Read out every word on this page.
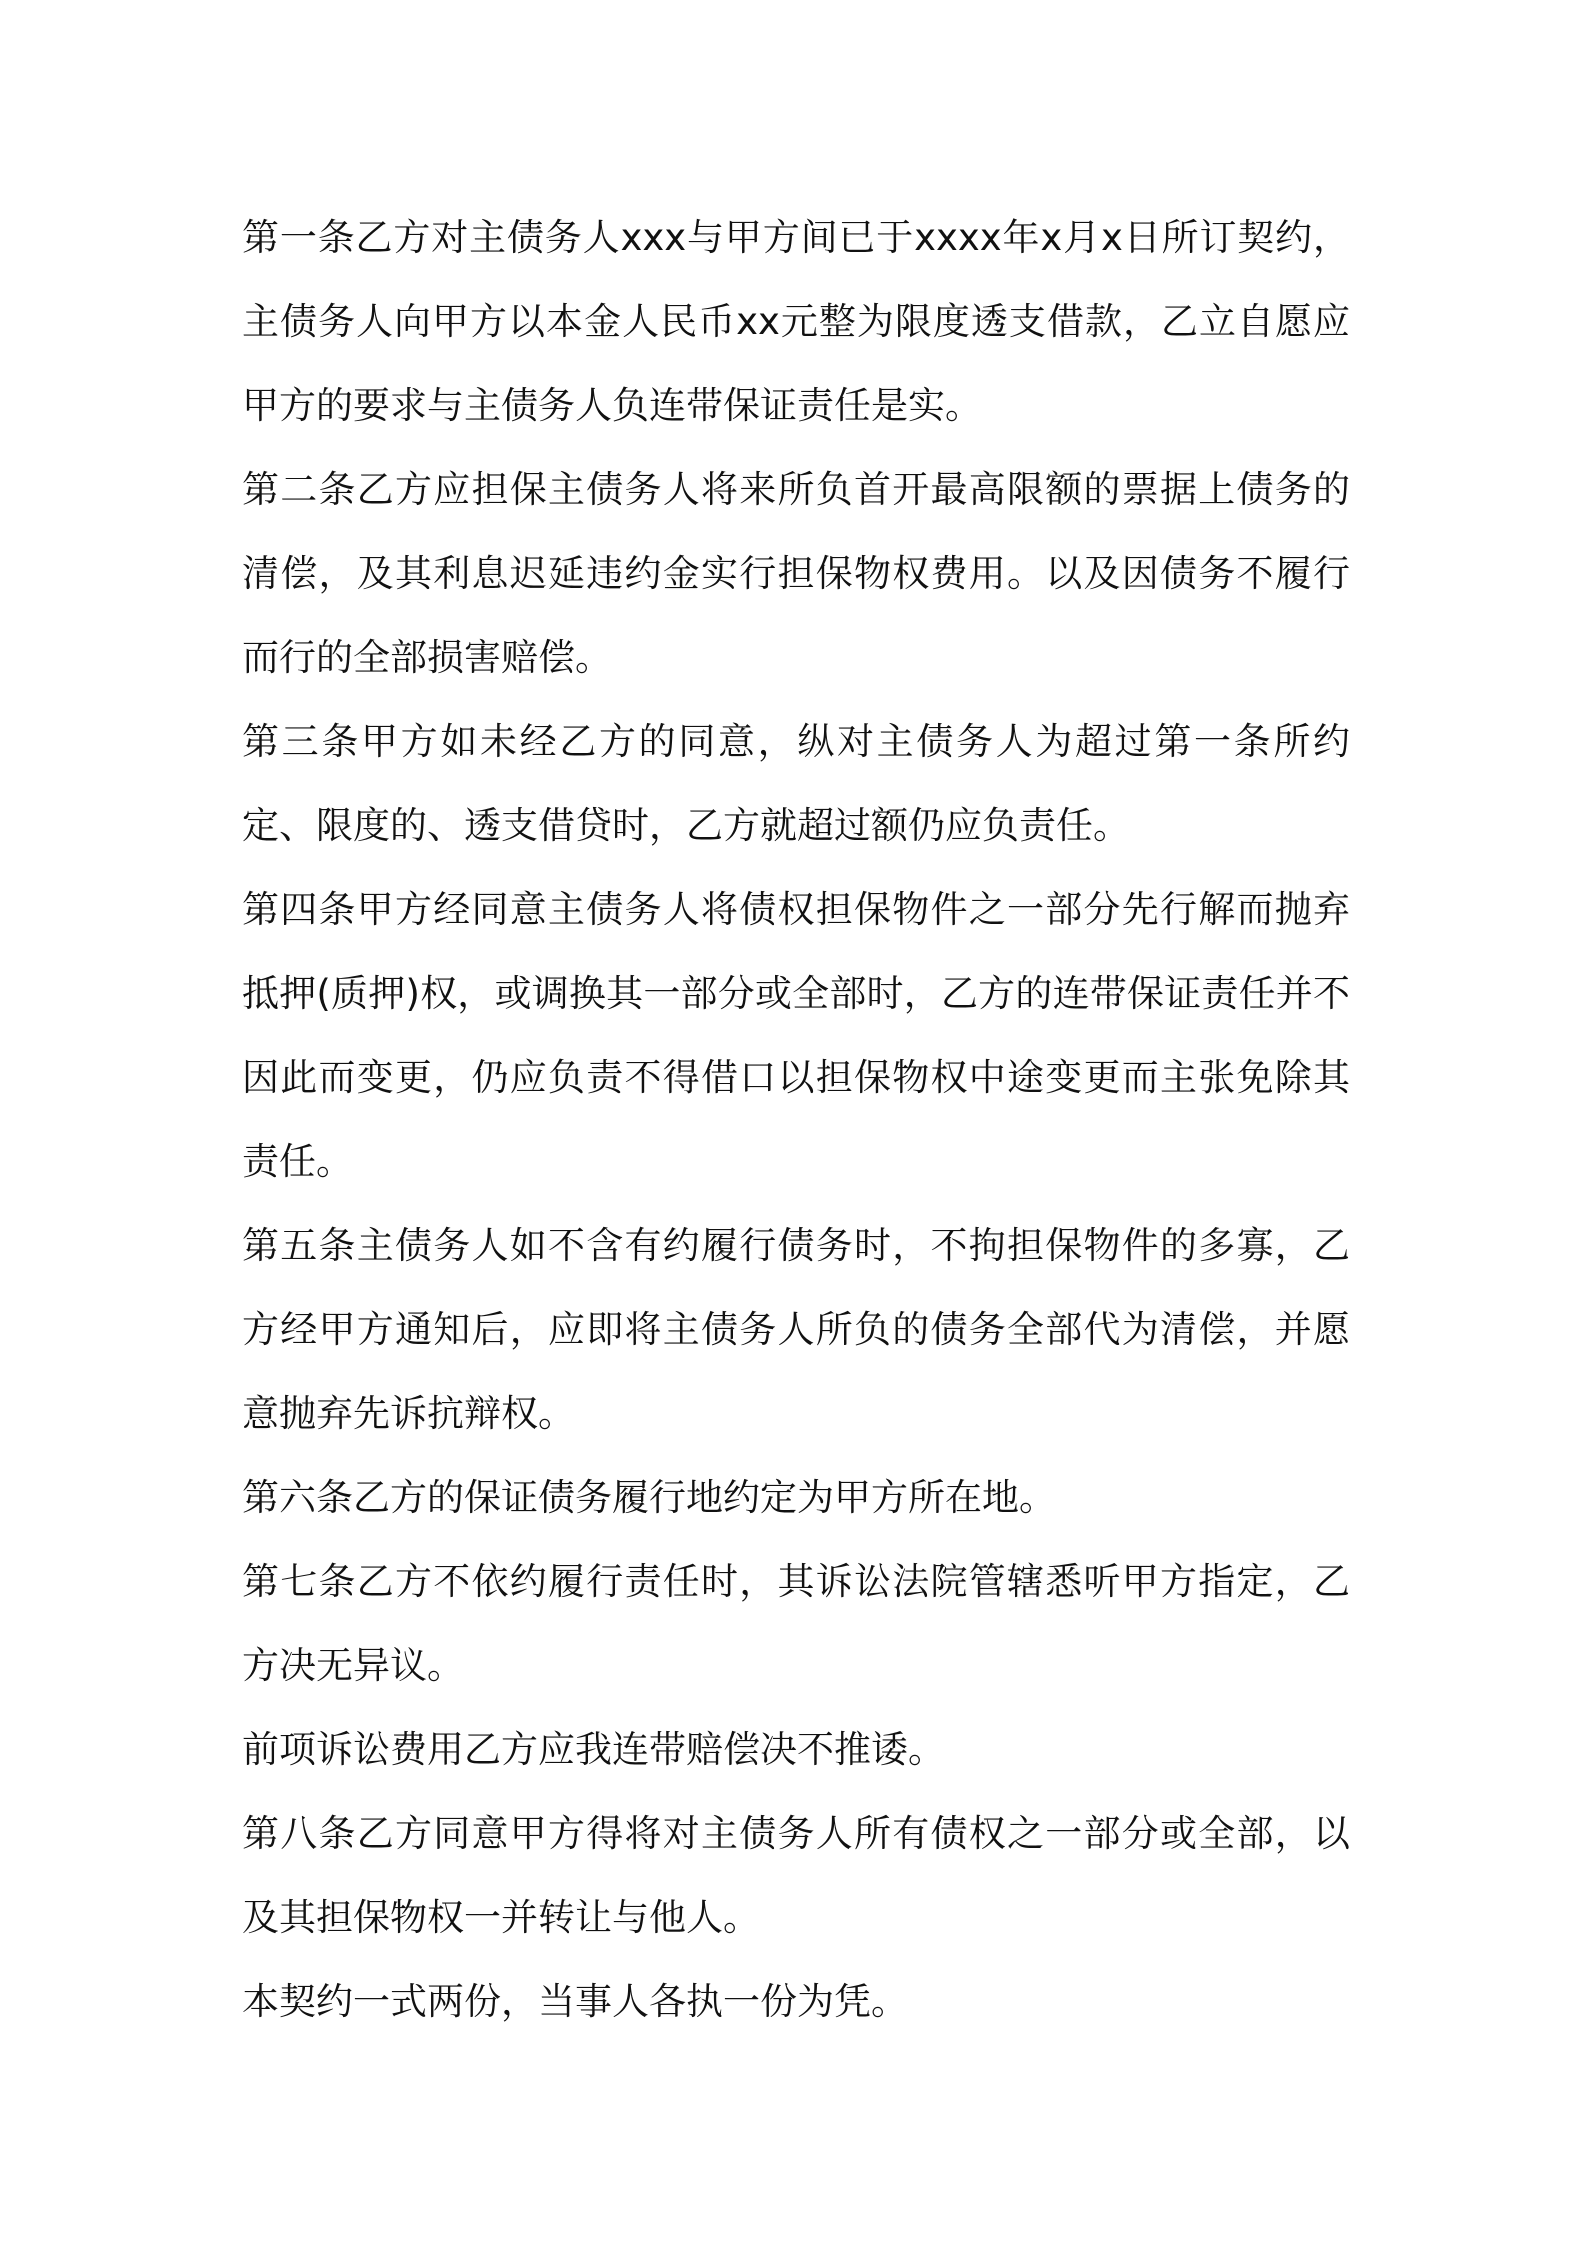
第一条乙方对主债务人xxx与甲方间已于xxxx年x月x日所订契约，主债务人向甲方以本金人民币xx元整为限度透支借款，乙立自愿应甲方的要求与主债务人负连带保证责任是实。

第二条乙方应担保主债务人将来所负首开最高限额的票据上债务的清偿，及其利息迟延违约金实行担保物权费用。以及因债务不履行而行的全部损害赔偿。

第三条甲方如未经乙方的同意，纵对主债务人为超过第一条所约定、限度的、透支借贷时，乙方就超过额仍应负责任。

第四条甲方经同意主债务人将债权担保物件之一部分先行解而抛弃抵押(质押)权，或调换其一部分或全部时，乙方的连带保证责任并不因此而变更，仍应负责不得借口以担保物权中途变更而主张免除其责任。

第五条主债务人如不含有约履行债务时，不拘担保物件的多寡，乙方经甲方通知后，应即将主债务人所负的债务全部代为清偿，并愿意抛弃先诉抗辩权。

第六条乙方的保证债务履行地约定为甲方所在地。

第七条乙方不依约履行责任时，其诉讼法院管辖悉听甲方指定，乙方决无异议。

前项诉讼费用乙方应我连带赔偿决不推诿。

第八条乙方同意甲方得将对主债务人所有债权之一部分或全部，以及其担保物权一并转让与他人。

本契约一式两份，当事人各执一份为凭。
